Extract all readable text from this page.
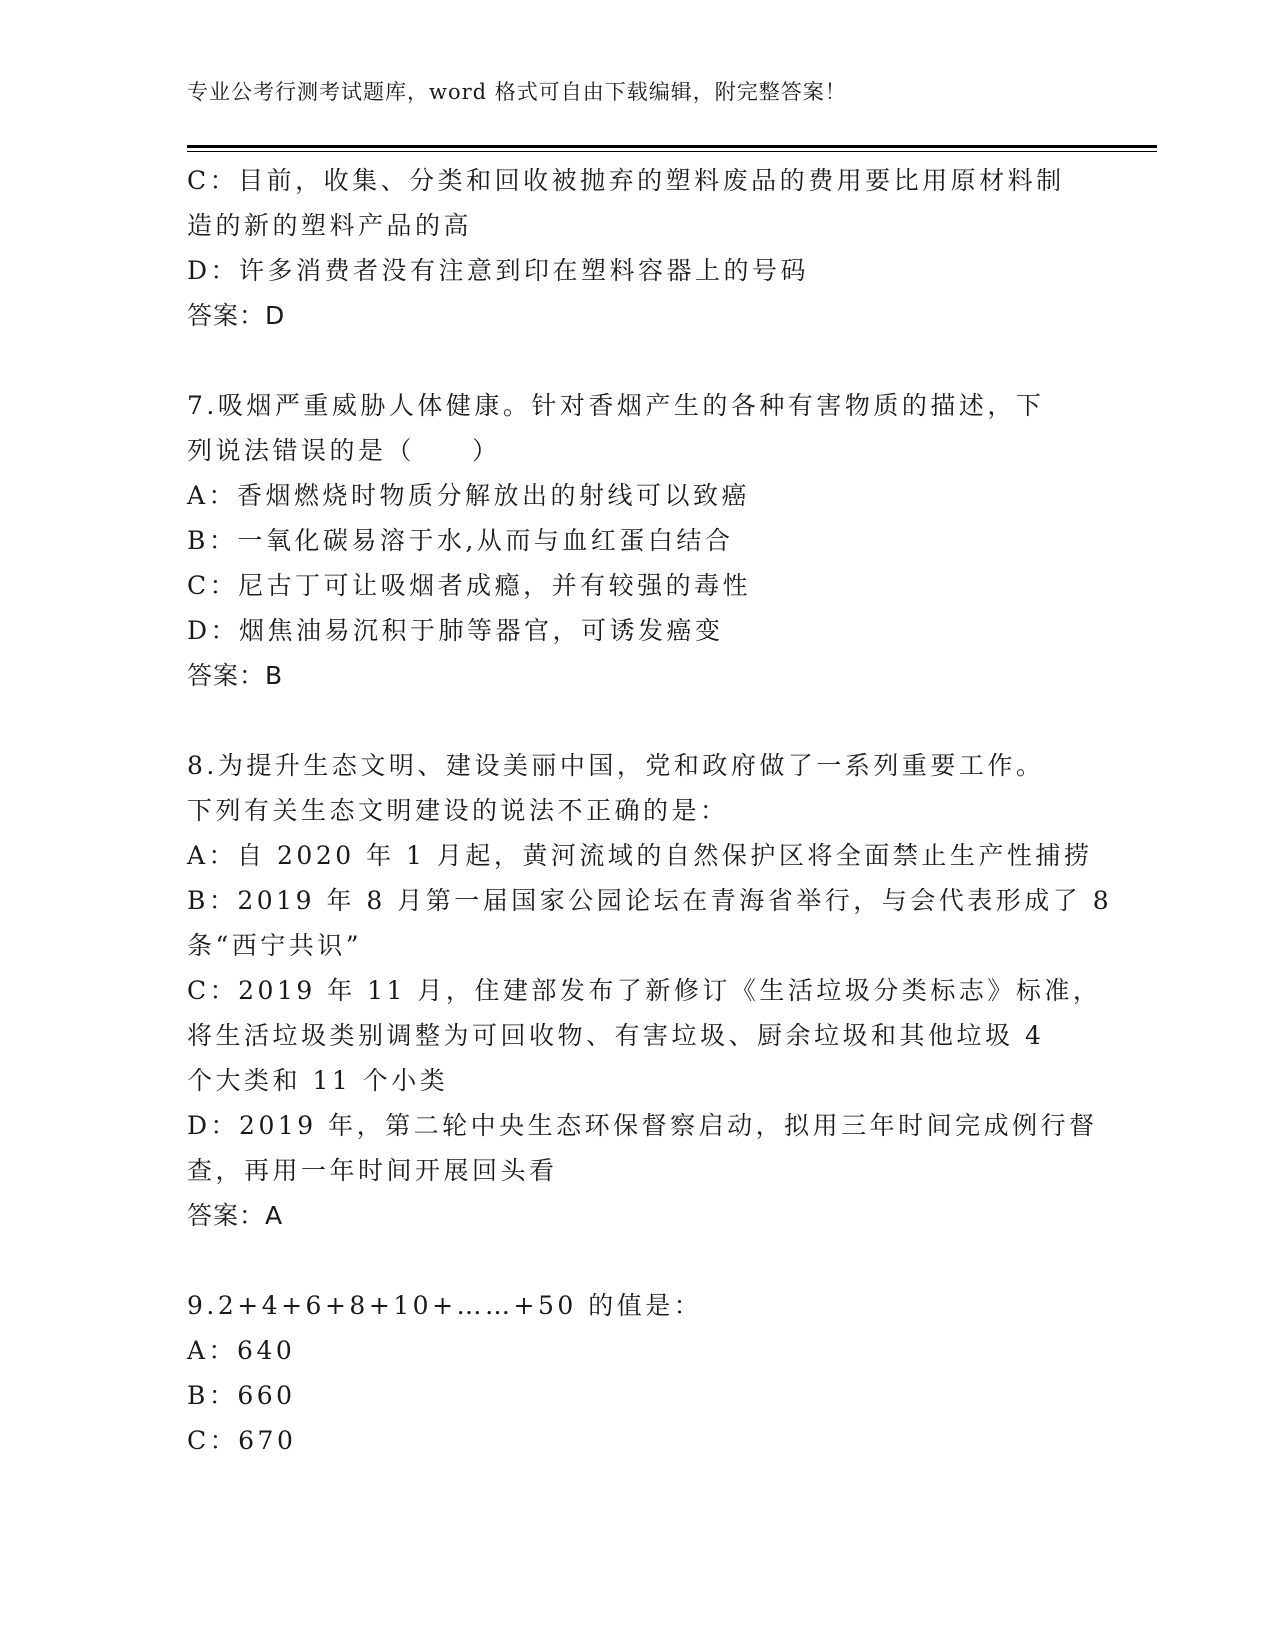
专业公考行测考试题库，word 格式可自由下载编辑，附完整答案！
C：目前，收集、分类和回收被抛弃的塑料废品的费用要比用原材料制
造的新的塑料产品的高
D：许多消费者没有注意到印在塑料容器上的号码
答案：D
7.吸烟严重威胁人体健康。针对香烟产生的各种有害物质的描述，下
列说法错误的是（　　）
A：香烟燃烧时物质分解放出的射线可以致癌
B：一氧化碳易溶于水,从而与血红蛋白结合
C：尼古丁可让吸烟者成瘾，并有较强的毒性
D：烟焦油易沉积于肺等器官，可诱发癌变
答案：B
8.为提升生态文明、建设美丽中国，党和政府做了一系列重要工作。
下列有关生态文明建设的说法不正确的是：
A：自 2020 年 1 月起，黄河流域的自然保护区将全面禁止生产性捕捞
B：2019 年 8 月第一届国家公园论坛在青海省举行，与会代表形成了 8
条“西宁共识”
C：2019 年 11 月，住建部发布了新修订《生活垃圾分类标志》标准，
将生活垃圾类别调整为可回收物、有害垃圾、厨余垃圾和其他垃圾 4
个大类和 11 个小类
D：2019 年，第二轮中央生态环保督察启动，拟用三年时间完成例行督
查，再用一年时间开展回头看
答案：A
9.2+4+6+8+10+……+50 的值是：
A：640
B：660
C：670
